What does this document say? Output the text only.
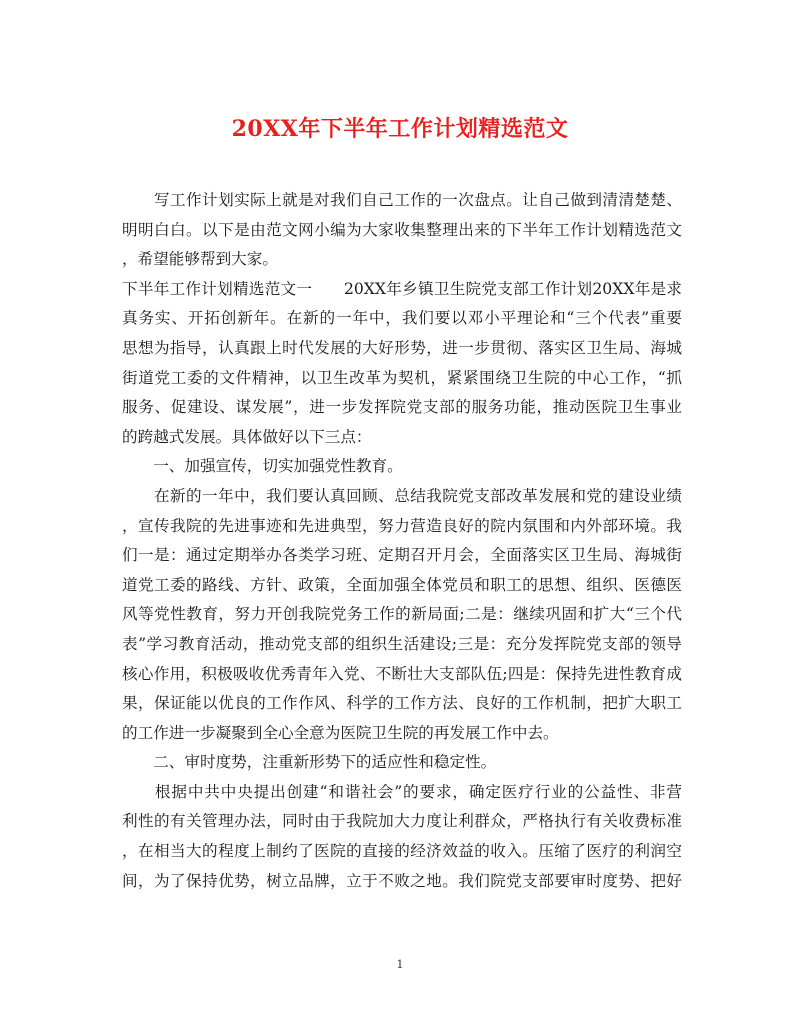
20XX年下半年工作计划精选范文
　　写工作计划实际上就是对我们自己工作的一次盘点。让自己做到清清楚楚、
明明白白。以下是由范文网小编为大家收集整理出来的下半年工作计划精选范文
，希望能够帮到大家。
下半年工作计划精选范文一　　20XX年乡镇卫生院党支部工作计划20XX年是求
真务实、开拓创新年。在新的一年中，我们要以邓小平理论和“三个代表”重要
思想为指导，认真跟上时代发展的大好形势，进一步贯彻、落实区卫生局、海城
街道党工委的文件精神，以卫生改革为契机，紧紧围绕卫生院的中心工作，“抓
服务、促建设、谋发展”，进一步发挥院党支部的服务功能，推动医院卫生事业
的跨越式发展。具体做好以下三点：
　　一、加强宣传，切实加强党性教育。
　　在新的一年中，我们要认真回顾、总结我院党支部改革发展和党的建设业绩
，宣传我院的先进事迹和先进典型，努力营造良好的院内氛围和内外部环境。我
们一是：通过定期举办各类学习班、定期召开月会，全面落实区卫生局、海城街
道党工委的路线、方针、政策，全面加强全体党员和职工的思想、组织、医德医
风等党性教育，努力开创我院党务工作的新局面;二是：继续巩固和扩大“三个代
表”学习教育活动，推动党支部的组织生活建设;三是：充分发挥院党支部的领导
核心作用，积极吸收优秀青年入党、不断壮大支部队伍;四是：保持先进性教育成
果，保证能以优良的工作作风、科学的工作方法、良好的工作机制，把扩大职工
的工作进一步凝聚到全心全意为医院卫生院的再发展工作中去。
　　二、审时度势，注重新形势下的适应性和稳定性。
　　根据中共中央提出创建“和谐社会”的要求，确定医疗行业的公益性、非营
利性的有关管理办法，同时由于我院加大力度让利群众，严格执行有关收费标准
，在相当大的程度上制约了医院的直接的经济效益的收入。压缩了医疗的利润空
间，为了保持优势，树立品牌，立于不败之地。我们院党支部要审时度势、把好
1
